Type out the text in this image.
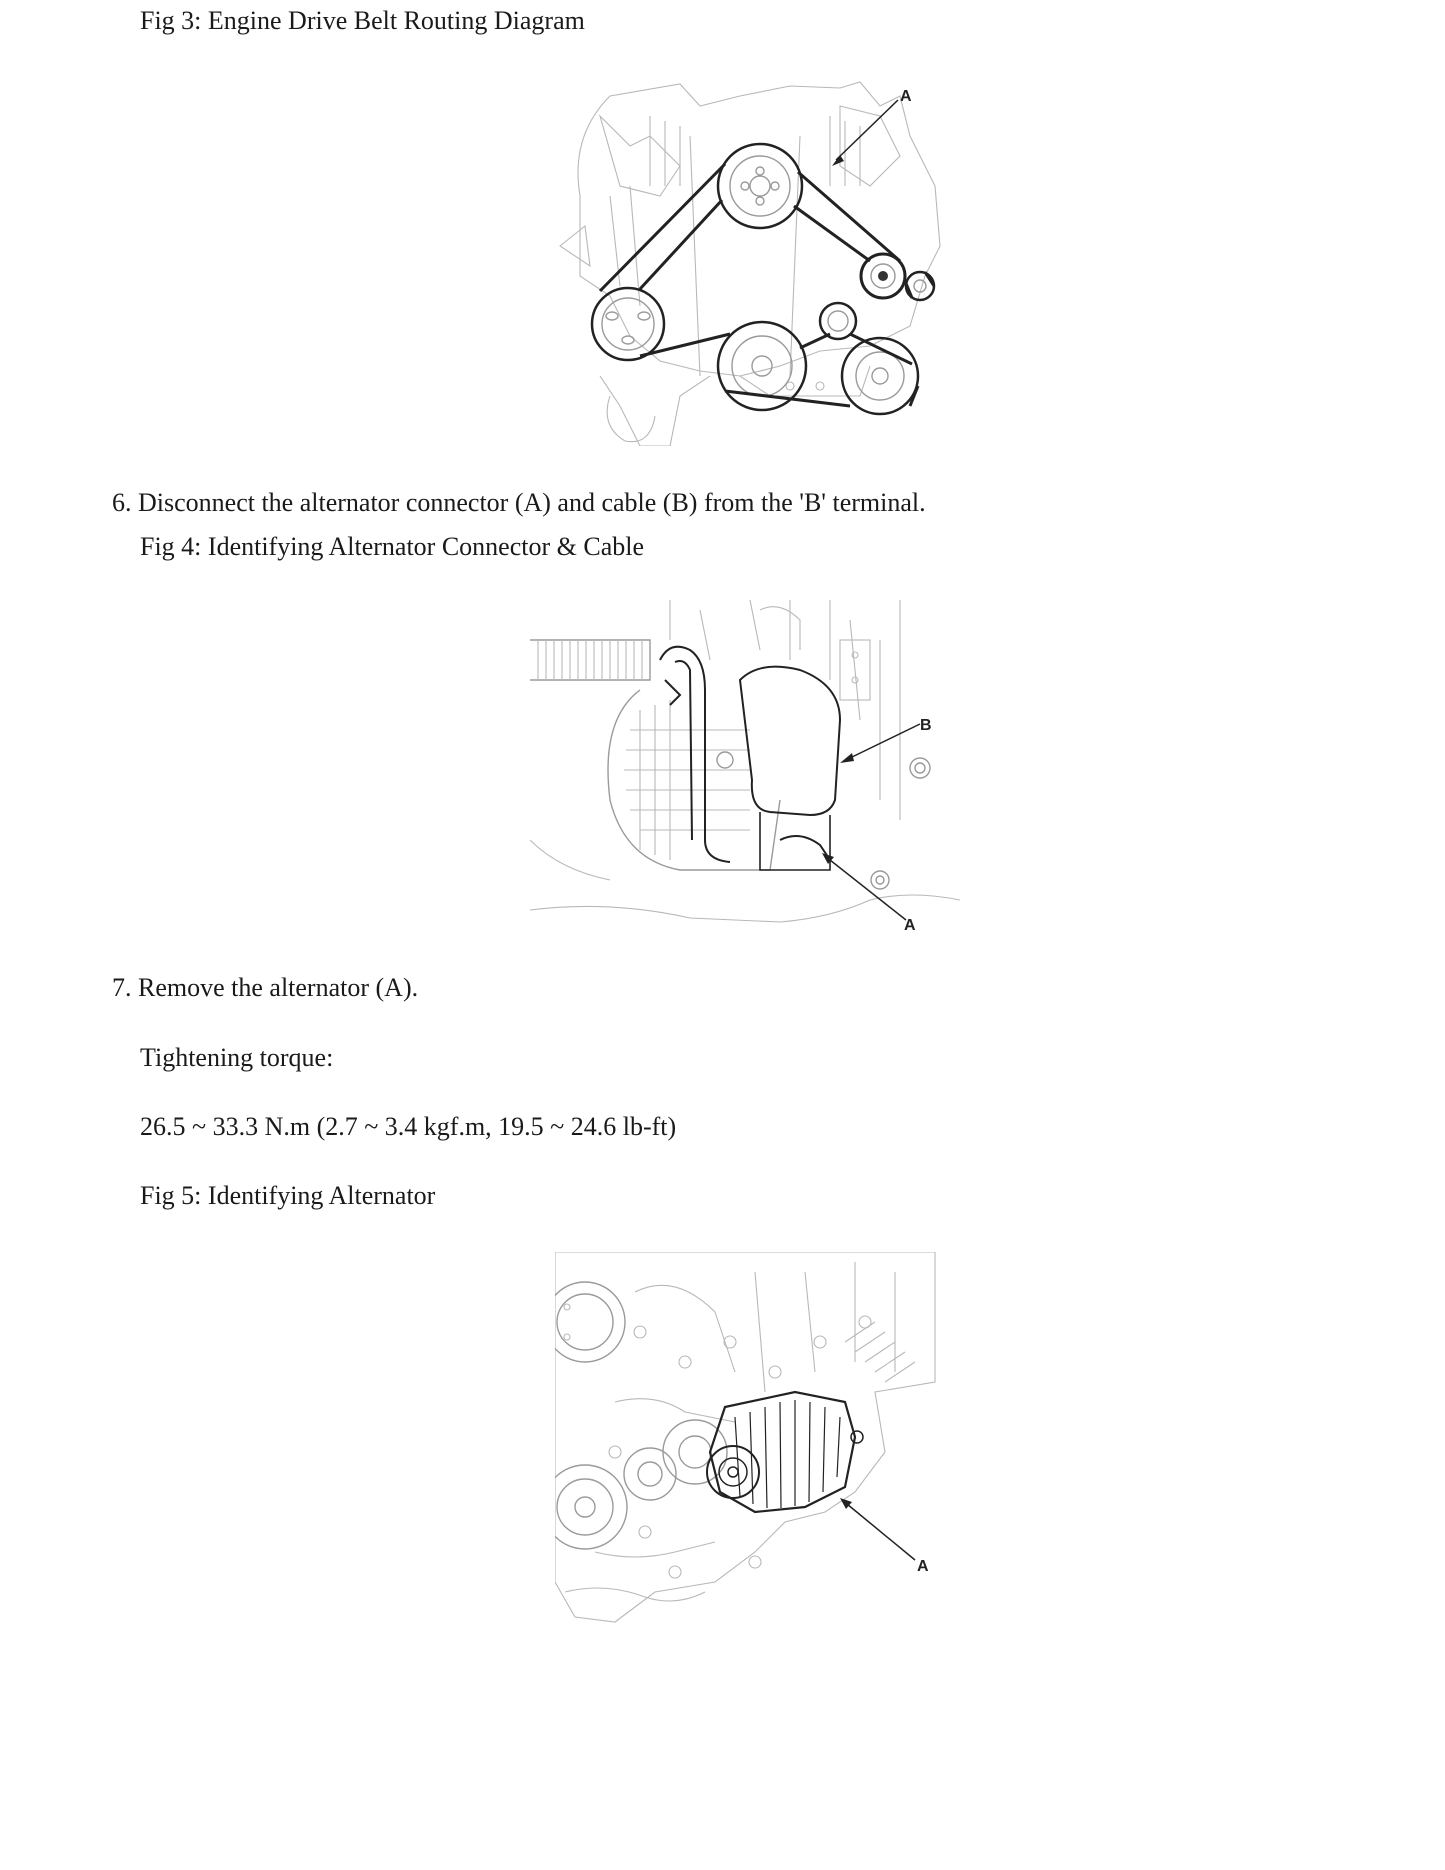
Fig 3: Engine Drive Belt Routing Diagram
A
6. Disconnect the alternator connector (A) and cable (B) from the 'B' terminal.
Fig 4: Identifying Alternator Connector & Cable
B
A
7. Remove the alternator (A).
Tightening torque:
26.5 ~ 33.3 N.m (2.7 ~ 3.4 kgf.m, 19.5 ~ 24.6 lb-ft)
Fig 5: Identifying Alternator
A
